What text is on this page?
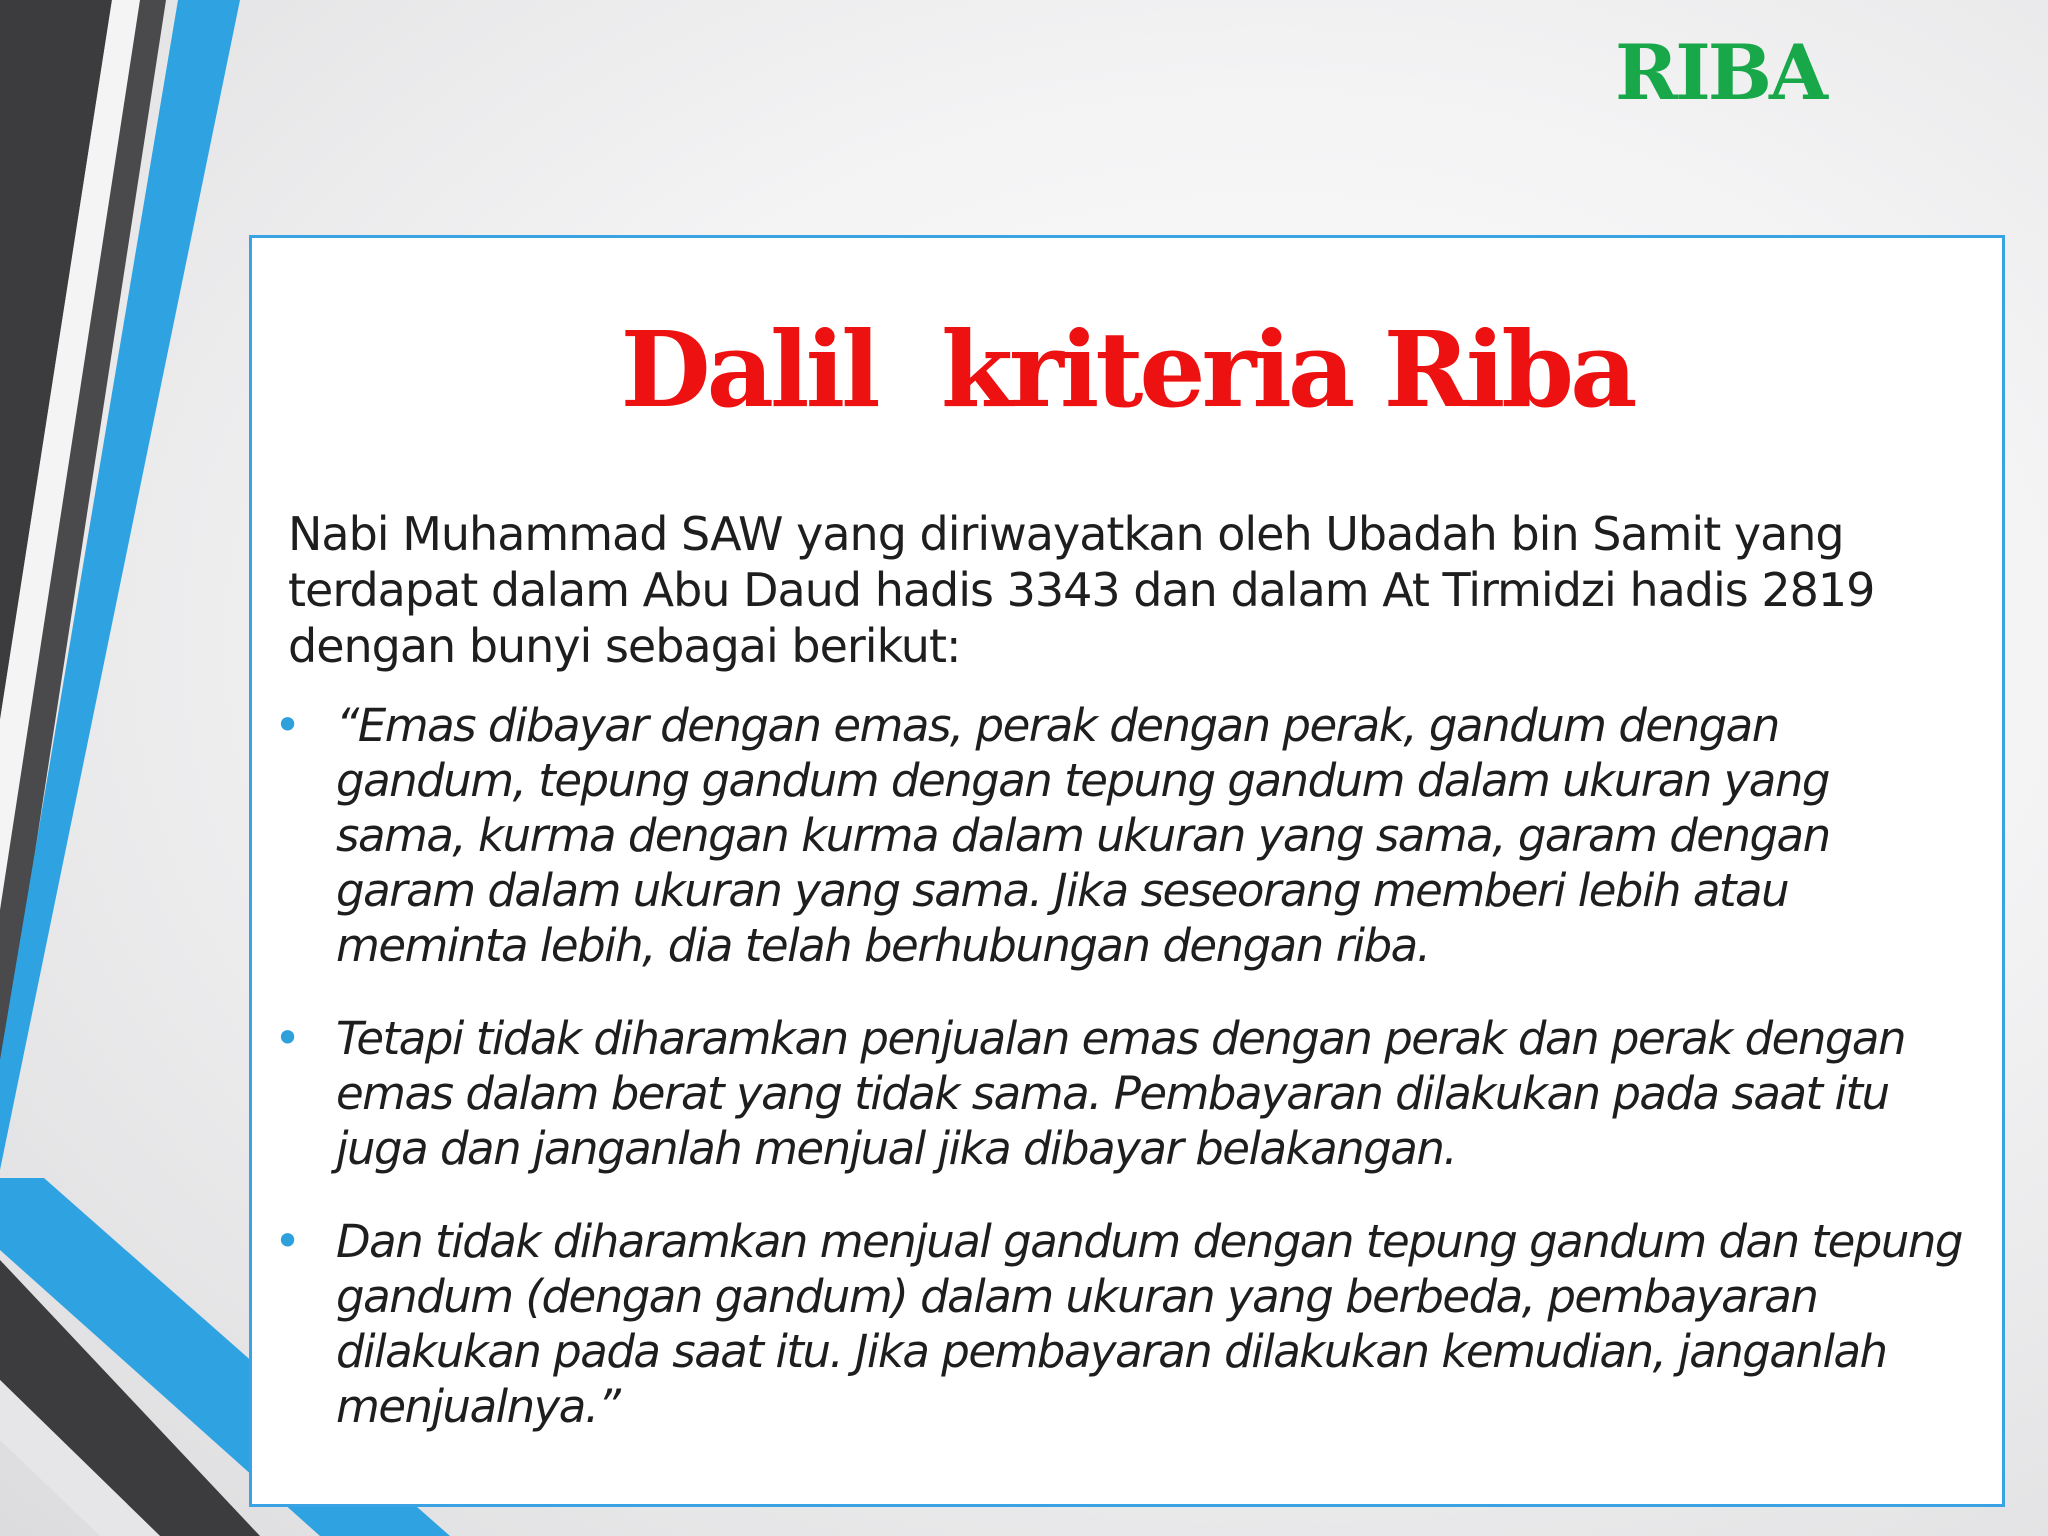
RIBA
Dalil  kriteria Riba

Nabi Muhammad SAW yang diriwayatkan oleh Ubadah bin Samit yang terdapat dalam Abu Daud hadis 3343 dan dalam At Tirmidzi hadis 2819 dengan bunyi sebagai berikut:

• “Emas dibayar dengan emas, perak dengan perak, gandum dengan gandum, tepung gandum dengan tepung gandum dalam ukuran yang sama, kurma dengan kurma dalam ukuran yang sama, garam dengan garam dalam ukuran yang sama. Jika seseorang memberi lebih atau meminta lebih, dia telah berhubungan dengan riba.
• Tetapi tidak diharamkan penjualan emas dengan perak dan perak dengan emas dalam berat yang tidak sama. Pembayaran dilakukan pada saat itu juga dan janganlah menjual jika dibayar belakangan.
• Dan tidak diharamkan menjual gandum dengan tepung gandum dan tepung gandum (dengan gandum) dalam ukuran yang berbeda, pembayaran dilakukan pada saat itu. Jika pembayaran dilakukan kemudian, janganlah menjualnya.”
